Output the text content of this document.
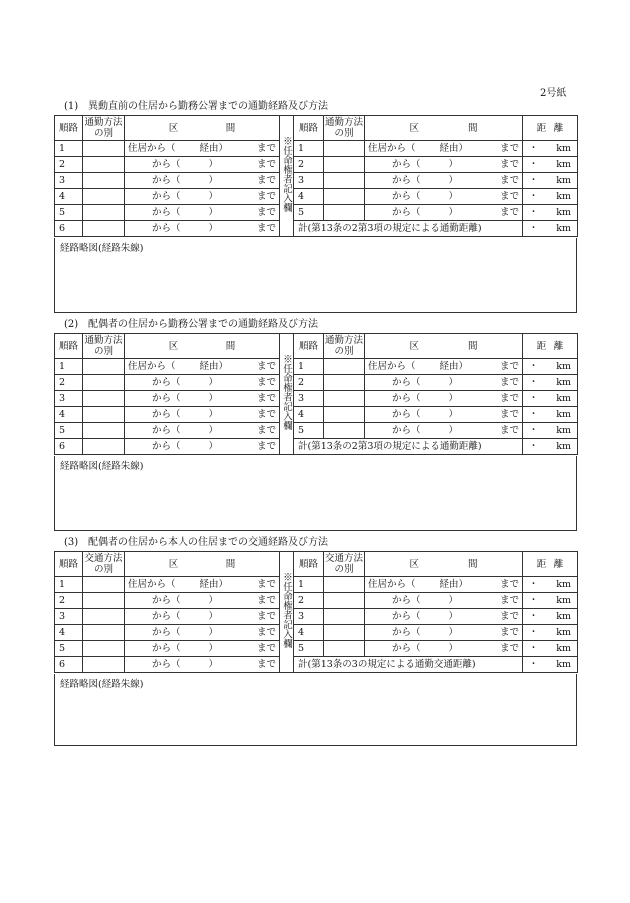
2号紙
(1) 異動直前の住居から勤務公署までの通勤経路及び方法
順路	通勤方法の別	区 間	※任命権者記入欄	順路	通勤方法の別	区 間	距 離

1		住居から（ 経由） まで		1		住居から（ 経由） まで	・ km

2		から（ ） まで		2		から（ ） まで	・ km

3		から（ ） まで		3		から（ ） まで	・ km

4		から（ ） まで		4		から（ ） まで	・ km

5		から（ ） まで		5		から（ ） まで	・ km

6		から（ ） まで		計(第13条の2第3項の規定による通勤距離)			・ km
経路略図(経路朱線)
(2) 配偶者の住居から勤務公署までの通勤経路及び方法
順路	通勤方法の別	区 間	※任命権者記入欄	順路	通勤方法の別	区 間	距 離

1		住居から（ 経由） まで		1		住居から（ 経由） まで	・ km

2		から（ ） まで		2		から（ ） まで	・ km

3		から（ ） まで		3		から（ ） まで	・ km

4		から（ ） まで		4		から（ ） まで	・ km

5		から（ ） まで		5		から（ ） まで	・ km

6		から（ ） まで		計(第13条の2第3項の規定による通勤距離)			・ km
経路略図(経路朱線)
(3) 配偶者の住居から本人の住居までの交通経路及び方法
順路	交通方法の別	区 間	※任命権者記入欄	順路	交通方法の別	区 間	距 離

1		住居から（ 経由） まで		1		住居から（ 経由） まで	・ km

2		から（ ） まで		2		から（ ） まで	・ km

3		から（ ） まで		3		から（ ） まで	・ km

4		から（ ） まで		4		から（ ） まで	・ km

5		から（ ） まで		5		から（ ） まで	・ km

6		から（ ） まで		計(第13条の3の規定による通勤交通距離)			・ km
経路略図(経路朱線)
